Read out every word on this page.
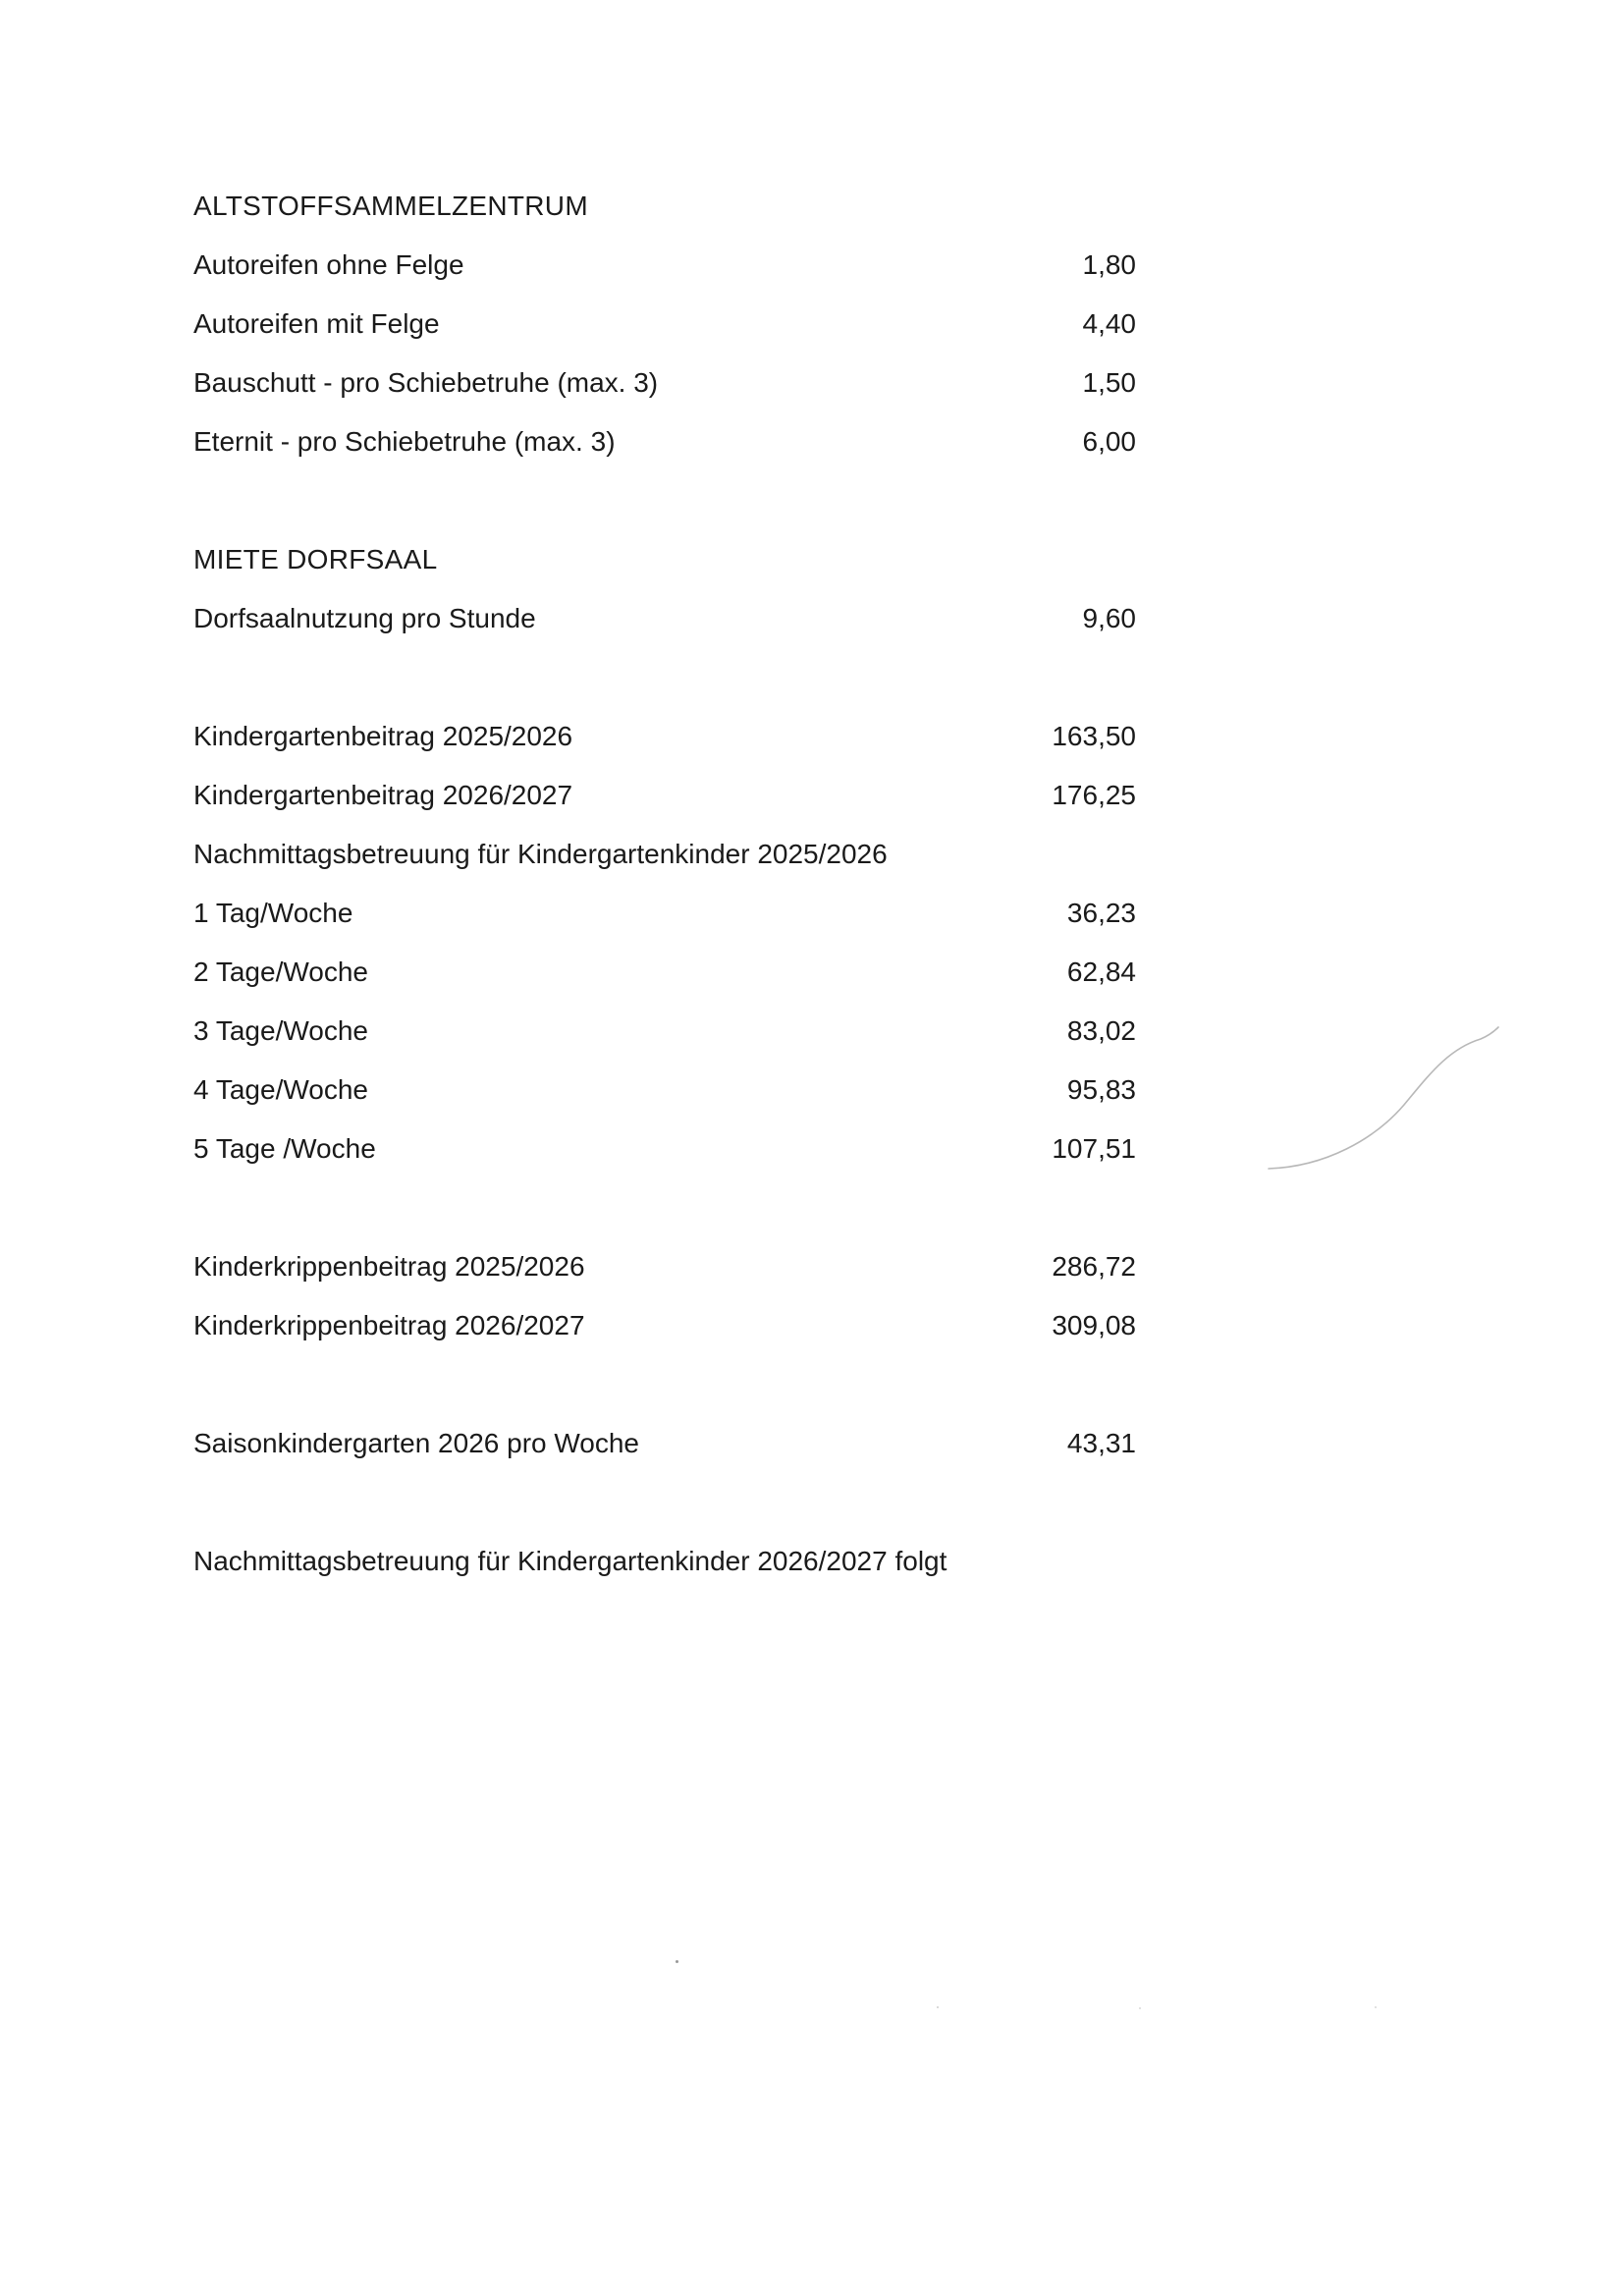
ALTSTOFFSAMMELZENTRUM
Autoreifen ohne Felge	1,80
Autoreifen mit Felge	4,40
Bauschutt - pro Schiebetruhe (max. 3)	1,50
Eternit - pro Schiebetruhe (max. 3)	6,00
MIETE DORFSAAL
Dorfsaalnutzung pro Stunde	9,60
Kindergartenbeitrag 2025/2026	163,50
Kindergartenbeitrag 2026/2027	176,25
Nachmittagsbetreuung für Kindergartenkinder 2025/2026
1 Tag/Woche	36,23
2 Tage/Woche	62,84
3 Tage/Woche	83,02
4 Tage/Woche	95,83
5 Tage /Woche	107,51
Kinderkrippenbeitrag 2025/2026	286,72
Kinderkrippenbeitrag 2026/2027	309,08
Saisonkindergarten 2026 pro Woche	43,31
Nachmittagsbetreuung für Kindergartenkinder 2026/2027 folgt
